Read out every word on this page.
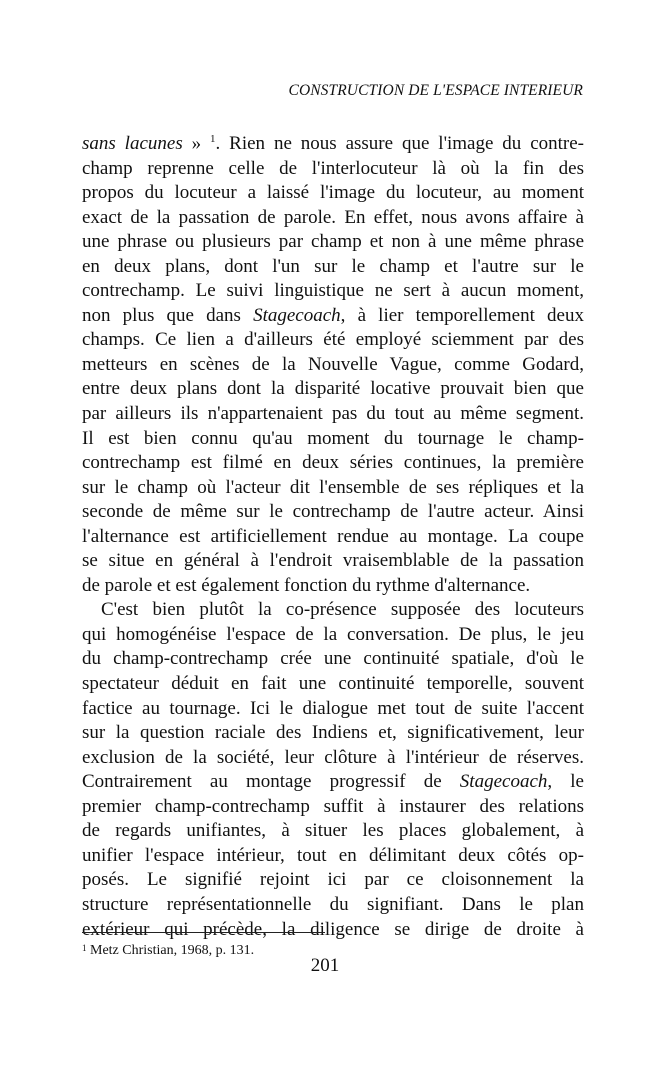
CONSTRUCTION DE L'ESPACE INTERIEUR
sans lacunes » $^1$. Rien ne nous assure que l'image du contre-
champ reprenne celle de l'interlocuteur là où la fin des
propos du locuteur a laissé l'image du locuteur, au moment
exact de la passation de parole. En effet, nous avons affaire à
une phrase ou plusieurs par champ et non à une même phrase
en deux plans, dont l'un sur le champ et l'autre sur le
contrechamp. Le suivi linguistique ne sert à aucun moment,
non plus que dans Stagecoach, à lier temporellement deux
champs. Ce lien a d'ailleurs été employé sciemment par des
metteurs en scènes de la Nouvelle Vague, comme Godard,
entre deux plans dont la disparité locative prouvait bien que
par ailleurs ils n'appartenaient pas du tout au même segment.
Il est bien connu qu'au moment du tournage le champ-
contrechamp est filmé en deux séries continues, la première
sur le champ où l'acteur dit l'ensemble de ses répliques et la
seconde de même sur le contrechamp de l'autre acteur. Ainsi
l'alternance est artificiellement rendue au montage. La coupe
se situe en général à l'endroit vraisemblable de la passation
de parole et est également fonction du rythme d'alternance.
C'est bien plutôt la co-présence supposée des locuteurs
qui homogénéise l'espace de la conversation. De plus, le jeu
du champ-contrechamp crée une continuité spatiale, d'où le
spectateur déduit en fait une continuité temporelle, souvent
factice au tournage. Ici le dialogue met tout de suite l'accent
sur la question raciale des Indiens et, significativement, leur
exclusion de la société, leur clôture à l'intérieur de réserves.
Contrairement au montage progressif de Stagecoach, le
premier champ-contrechamp suffit à instaurer des relations
de regards unifiantes, à situer les places globalement, à
unifier l'espace intérieur, tout en délimitant deux côtés op-
posés. Le signifié rejoint ici par ce cloisonnement la
structure représentationnelle du signifiant. Dans le plan
extérieur qui précède, la diligence se dirige de droite à
$^1$ Metz Christian, 1968, p. 131.
201
